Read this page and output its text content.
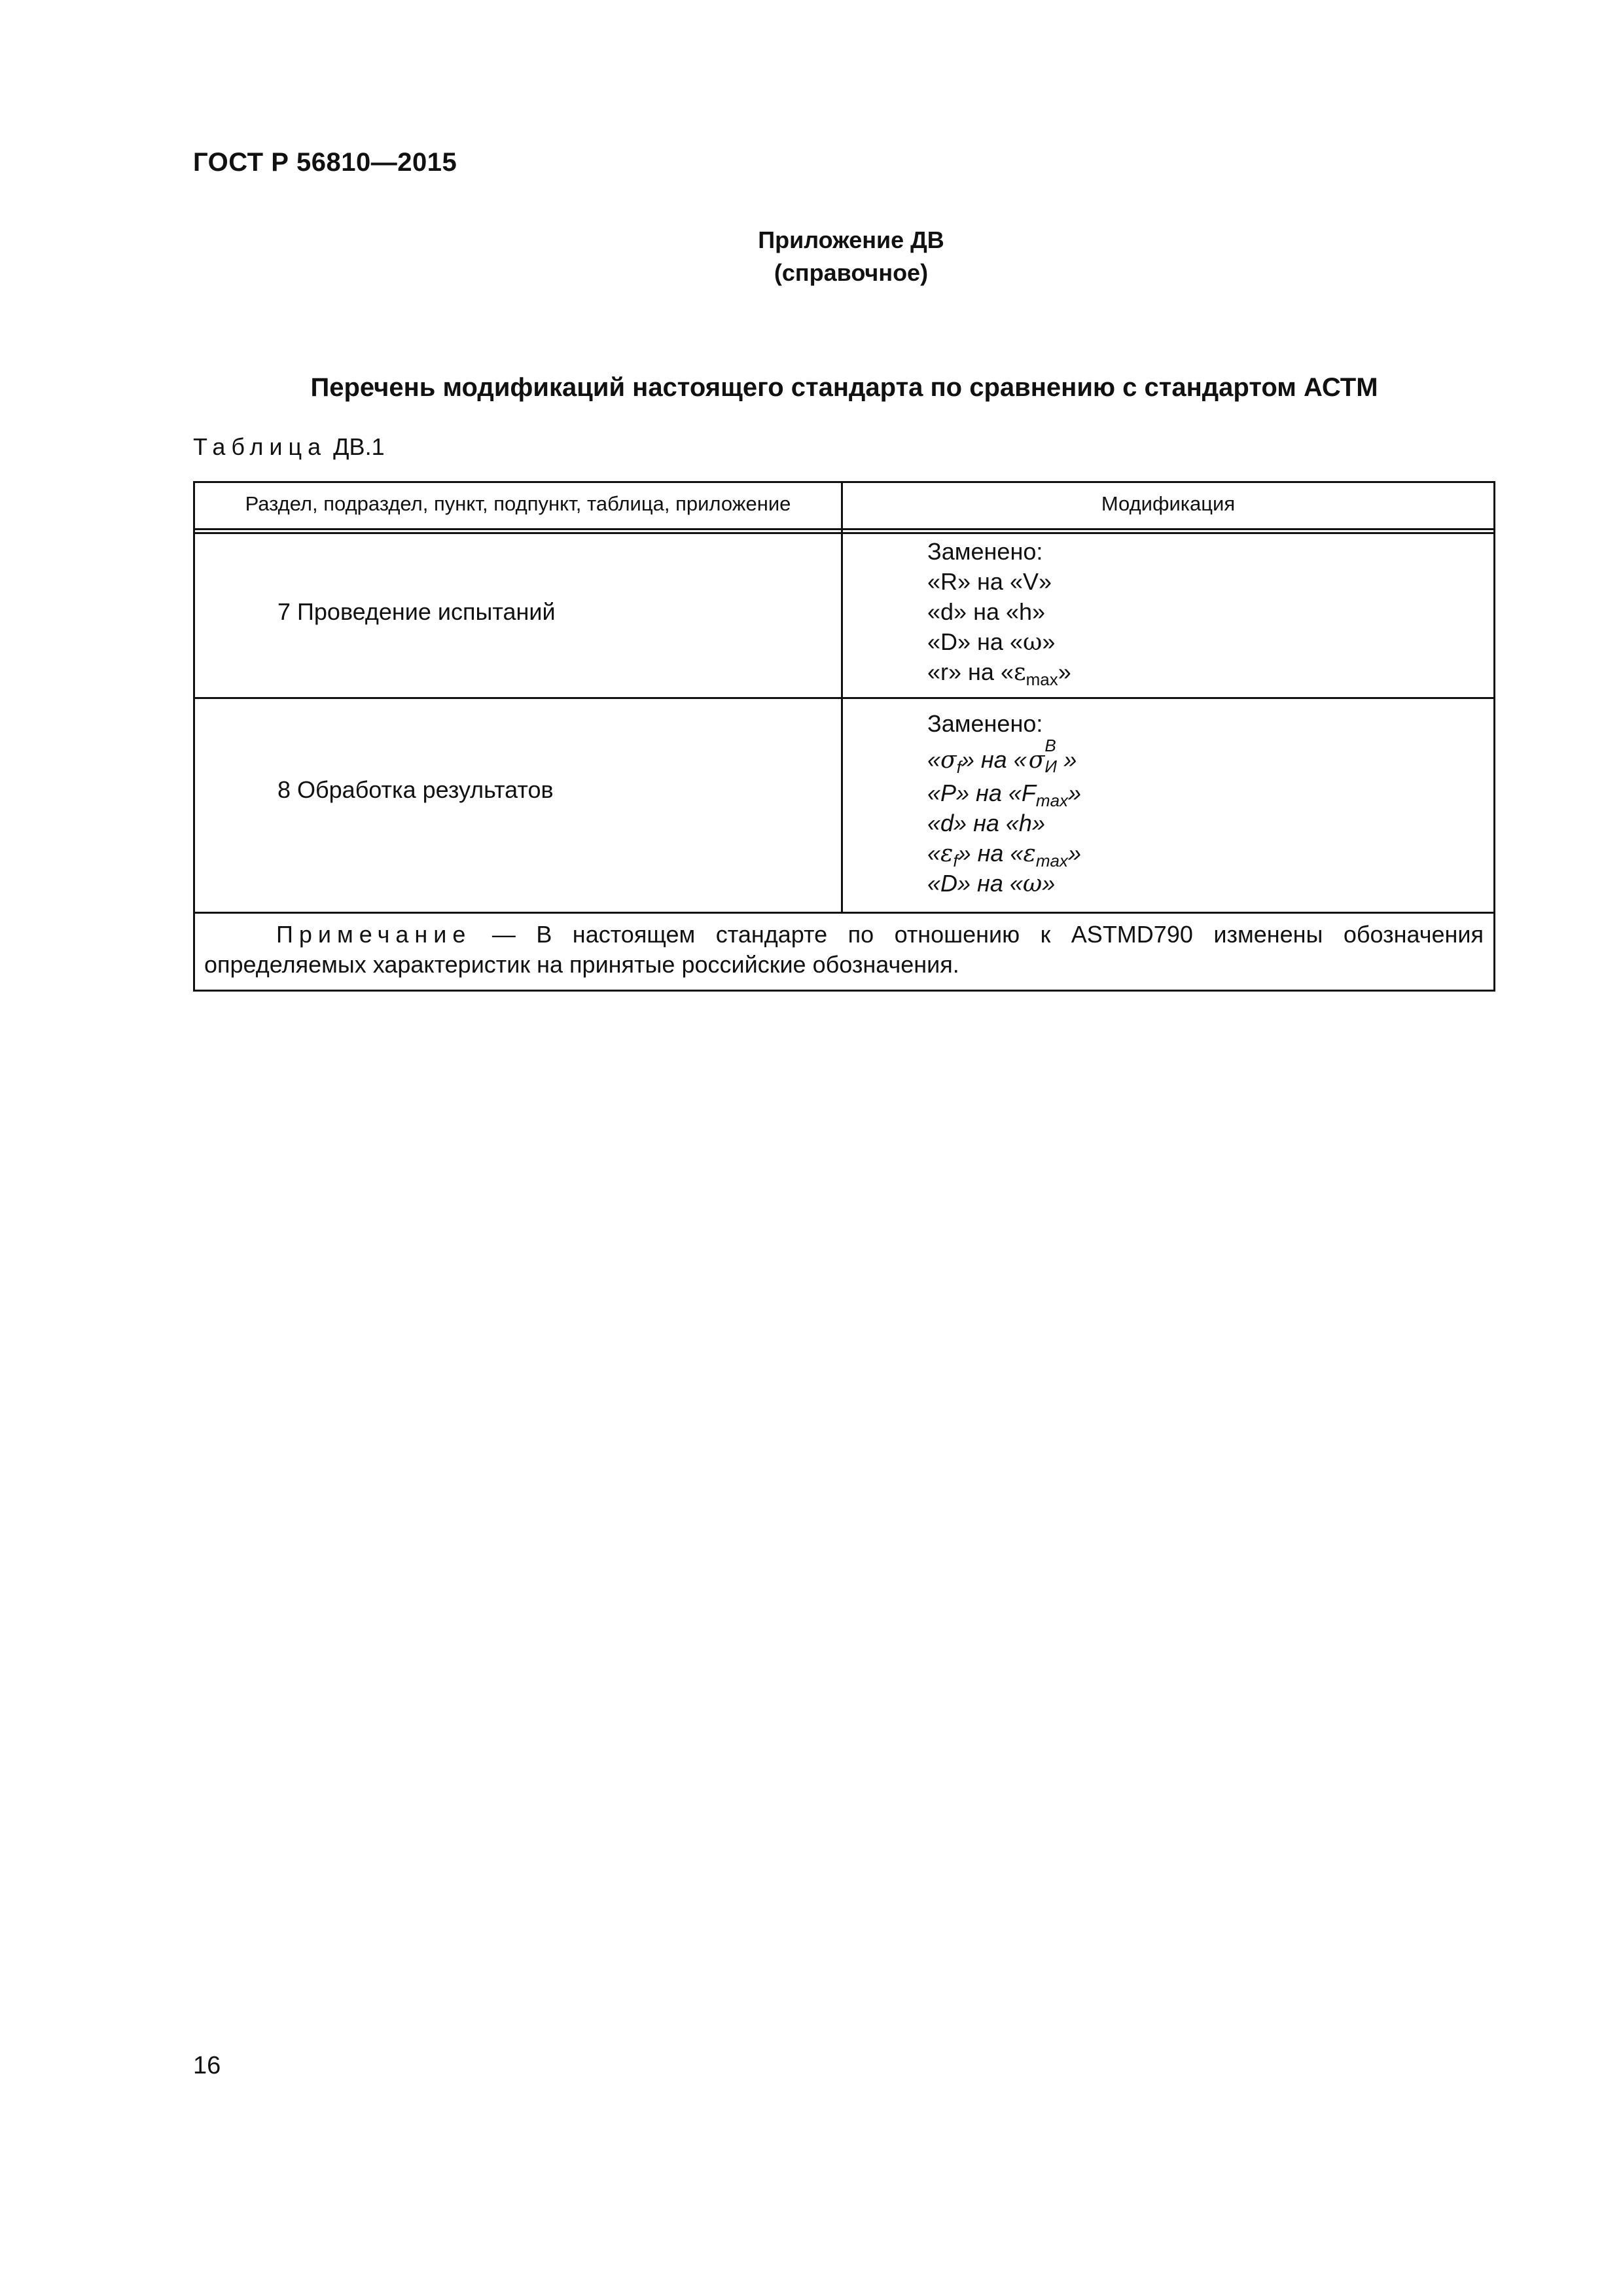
ГОСТ Р 56810—2015
Приложение ДВ
(справочное)
Перечень модификаций настоящего стандарта по сравнению с стандартом АСТМ
Таблица ДВ.1
Раздел, подраздел, пункт, подпункт, таблица, приложение	Модификация
7 Проведение испытаний
Заменено:
«R» на «V»
«d» на «h»
«D» на «ω»
«r» на «$\varepsilon_{max}$»
8 Обработка результатов
Заменено:
«$\sigma_f$» на « σ
В
И  »
«P» на «$F_{max}$»
«d» на «h»
«$\varepsilon_f$» на «$\varepsilon_{max}$»
«D» на «ω»
Примечание — В настоящем стандарте по отношению к ASTMD790 изменены обозначения определяемых характеристик на принятые российские обозначения.
16
